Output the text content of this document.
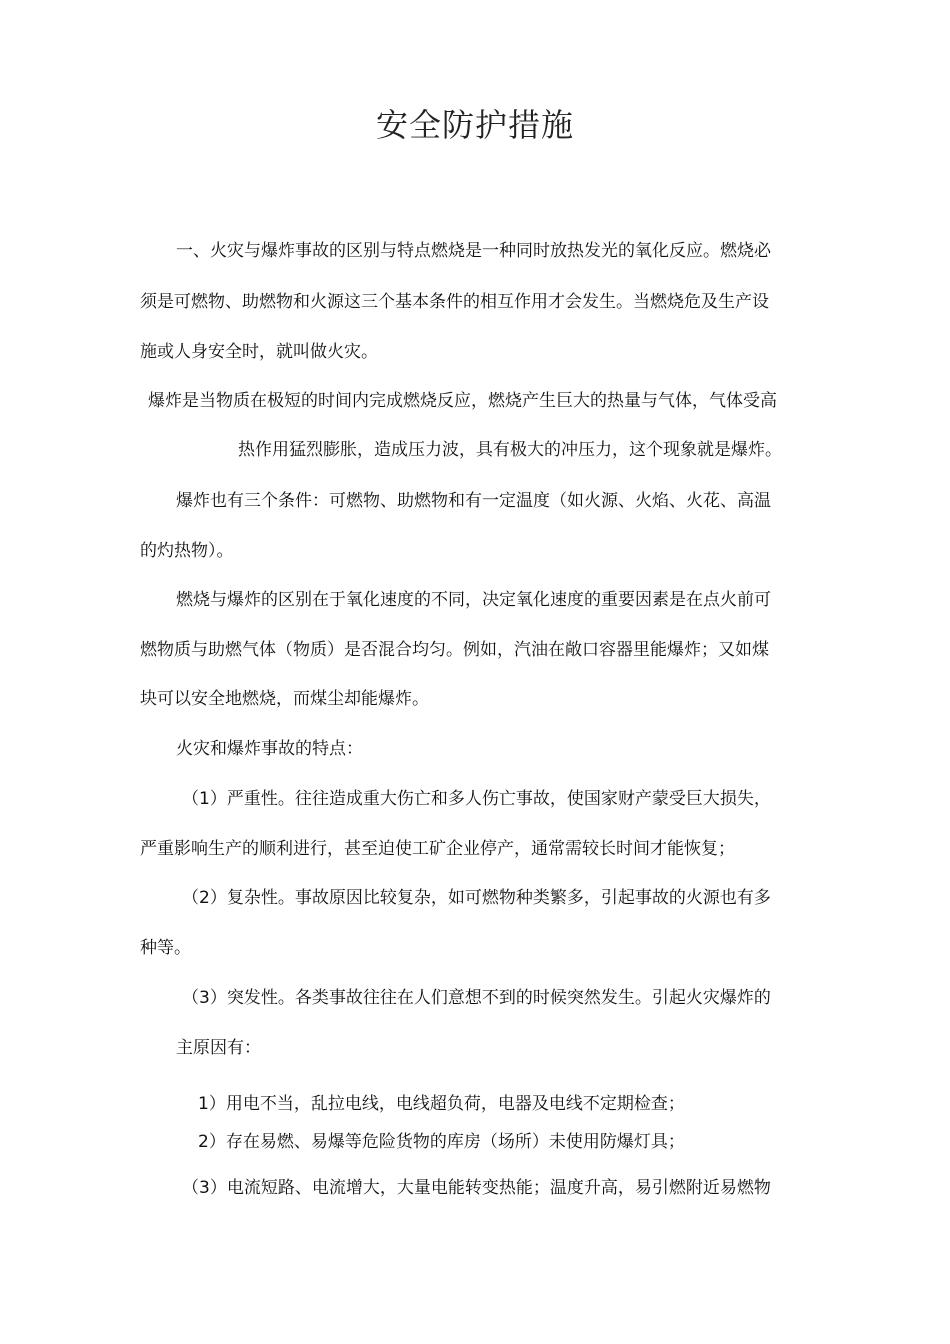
安全防护措施
一、火灾与爆炸事故的区别与特点燃烧是一种同时放热发光的氧化反应。燃烧必
须是可燃物、助燃物和火源这三个基本条件的相互作用才会发生。当燃烧危及生产设
施或人身安全时，就叫做火灾。
爆炸是当物质在极短的时间内完成燃烧反应，燃烧产生巨大的热量与气体，气体受高
热作用猛烈膨胀，造成压力波，具有极大的冲压力，这个现象就是爆炸。
爆炸也有三个条件：可燃物、助燃物和有一定温度（如火源、火焰、火花、高温
的灼热物）。
燃烧与爆炸的区别在于氧化速度的不同，决定氧化速度的重要因素是在点火前可
燃物质与助燃气体（物质）是否混合均匀。例如，汽油在敞口容器里能爆炸；又如煤
块可以安全地燃烧，而煤尘却能爆炸。
火灾和爆炸事故的特点：
（1）严重性。往往造成重大伤亡和多人伤亡事故，使国家财产蒙受巨大损失，
严重影响生产的顺利进行，甚至迫使工矿企业停产，通常需较长时间才能恢复；
（2）复杂性。事故原因比较复杂，如可燃物种类繁多，引起事故的火源也有多
种等。
（3）突发性。各类事故往往在人们意想不到的时候突然发生。引起火灾爆炸的
主原因有：
1）用电不当，乱拉电线，电线超负荷，电器及电线不定期检查；
2）存在易燃、易爆等危险货物的库房（场所）未使用防爆灯具；
（3）电流短路、电流增大，大量电能转变热能；温度升高，易引燃附近易燃物
